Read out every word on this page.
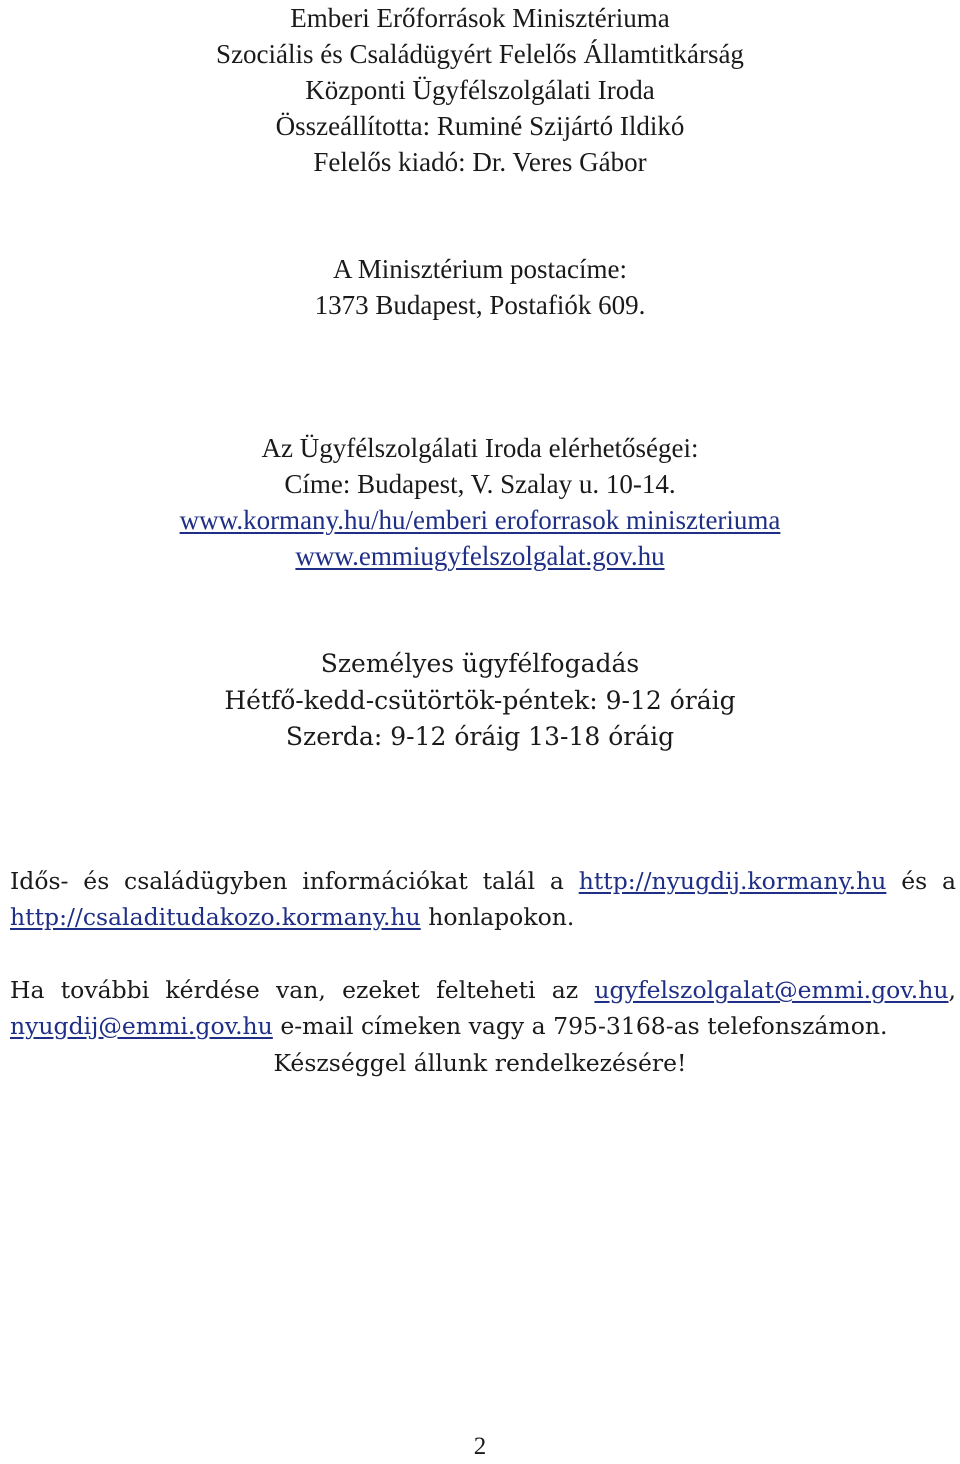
Emberi Erőforrások Minisztériuma
Szociális és Családügyért Felelős Államtitkárság
Központi Ügyfélszolgálati Iroda
Összeállította: Ruminé Szijártó Ildikó
Felelős kiadó: Dr. Veres Gábor
A Minisztérium postacíme:
1373 Budapest, Postafiók 609.
Az Ügyfélszolgálati Iroda elérhetőségei:
Címe: Budapest, V. Szalay u. 10-14.
www.kormany.hu/hu/emberi eroforrasok miniszteriuma
www.emmiugyfelszolgalat.gov.hu
Személyes ügyfélfogadás
Hétfő-kedd-csütörtök-péntek: 9-12 óráig
Szerda: 9-12 óráig 13-18 óráig
Idős- és családügyben információkat talál a http://nyugdij.kormany.hu és a
http://csaladitudakozo.kormany.hu honlapokon.
Ha további kérdése van, ezeket felteheti az ugyfelszolgalat@emmi.gov.hu,
nyugdij@emmi.gov.hu e-mail címeken vagy a 795-3168-as telefonszámon.
Készséggel állunk rendelkezésére!
2
